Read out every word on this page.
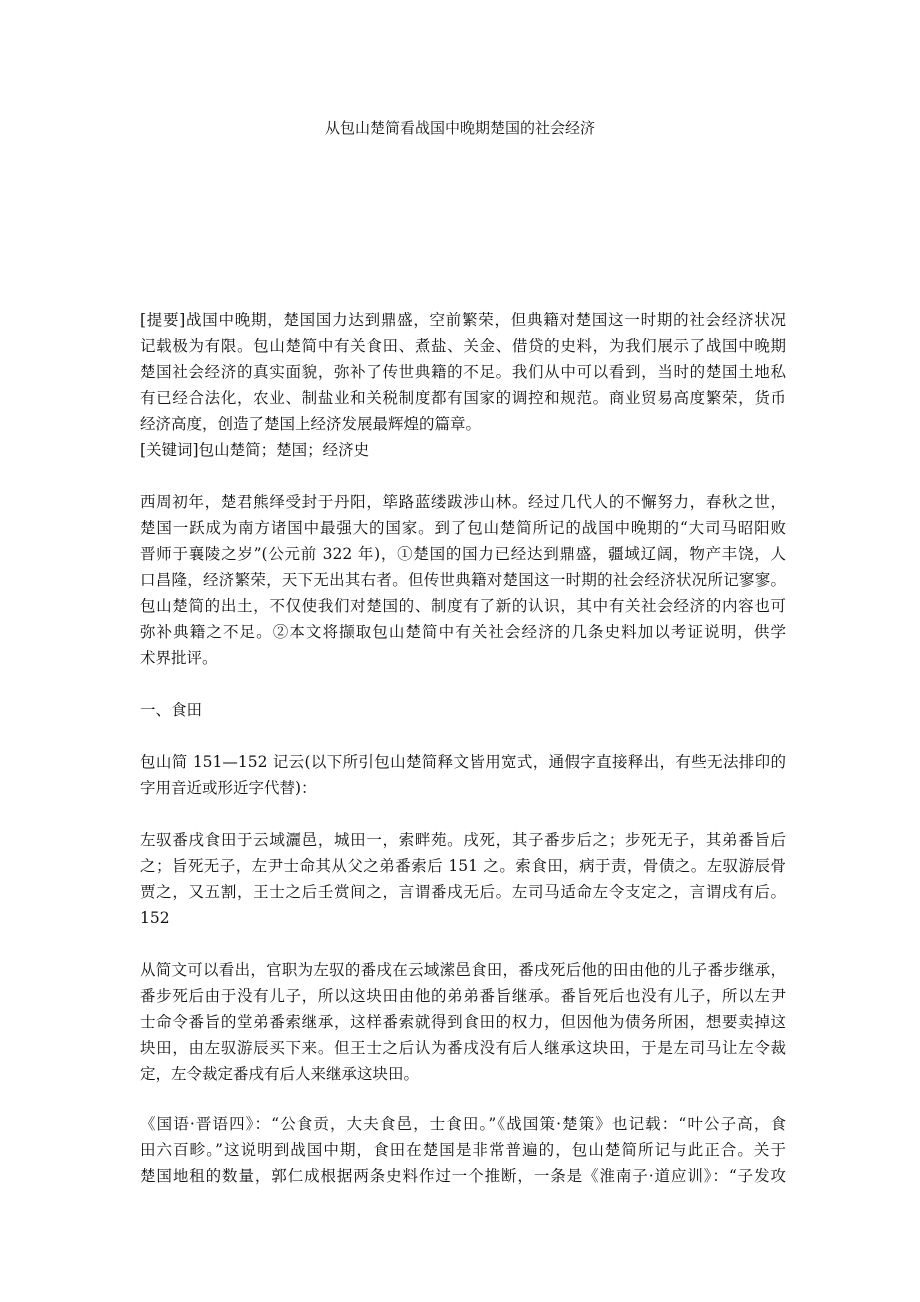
从包山楚简看战国中晚期楚国的社会经济
[提要]战国中晚期，楚国国力达到鼎盛，空前繁荣，但典籍对楚国这一时期的社会经济状况
记载极为有限。包山楚简中有关食田、煮盐、关金、借贷的史料，为我们展示了战国中晚期
楚国社会经济的真实面貌，弥补了传世典籍的不足。我们从中可以看到，当时的楚国土地私
有已经合法化，农业、制盐业和关税制度都有国家的调控和规范。商业贸易高度繁荣，货币
经济高度，创造了楚国上经济发展最辉煌的篇章。
[关键词]包山楚简；楚国；经济史
西周初年，楚君熊绎受封于丹阳，筚路蓝缕跋涉山林。经过几代人的不懈努力，春秋之世，
楚国一跃成为南方诸国中最强大的国家。到了包山楚简所记的战国中晚期的“大司马昭阳败
晋师于襄陵之岁”(公元前 322 年)，①楚国的国力已经达到鼎盛，疆域辽阔，物产丰饶，人
口昌隆，经济繁荣，天下无出其右者。但传世典籍对楚国这一时期的社会经济状况所记寥寥。
包山楚简的出土，不仅使我们对楚国的、制度有了新的认识，其中有关社会经济的内容也可
弥补典籍之不足。②本文将撷取包山楚简中有关社会经济的几条史料加以考证说明，供学
术界批评。
一、食田
包山简 151—152 记云(以下所引包山楚简释文皆用宽式，通假字直接释出，有些无法排印的
字用音近或形近字代替)：
左驭番戌食田于云域灑邑，城田一，索畔苑。戌死，其子番步后之；步死无子，其弟番旨后
之；旨死无子，左尹士命其从父之弟番索后 151 之。索食田，病于责，骨债之。左驭游辰骨
贾之，又五割，王士之后壬赏间之，言谓番戌无后。左司马适命左令支定之，言谓戌有后。
152
从简文可以看出，官职为左驭的番戌在云域潆邑食田，番戌死后他的田由他的儿子番步继承，
番步死后由于没有儿子，所以这块田由他的弟弟番旨继承。番旨死后也没有儿子，所以左尹
士命令番旨的堂弟番索继承，这样番索就得到食田的权力，但因他为债务所困，想要卖掉这
块田，由左驭游辰买下来。但王士之后认为番戌没有后人继承这块田，于是左司马让左令裁
定，左令裁定番戌有后人来继承这块田。
《国语·晋语四》：“公食贡，大夫食邑，士食田。”《战国策·楚策》也记载：“叶公子高，食
田六百畛。”这说明到战国中期，食田在楚国是非常普遍的，包山楚简所记与此正合。关于
楚国地租的数量，郭仁成根据两条史料作过一个推断，一条是《淮南子·道应训》：“子发攻
